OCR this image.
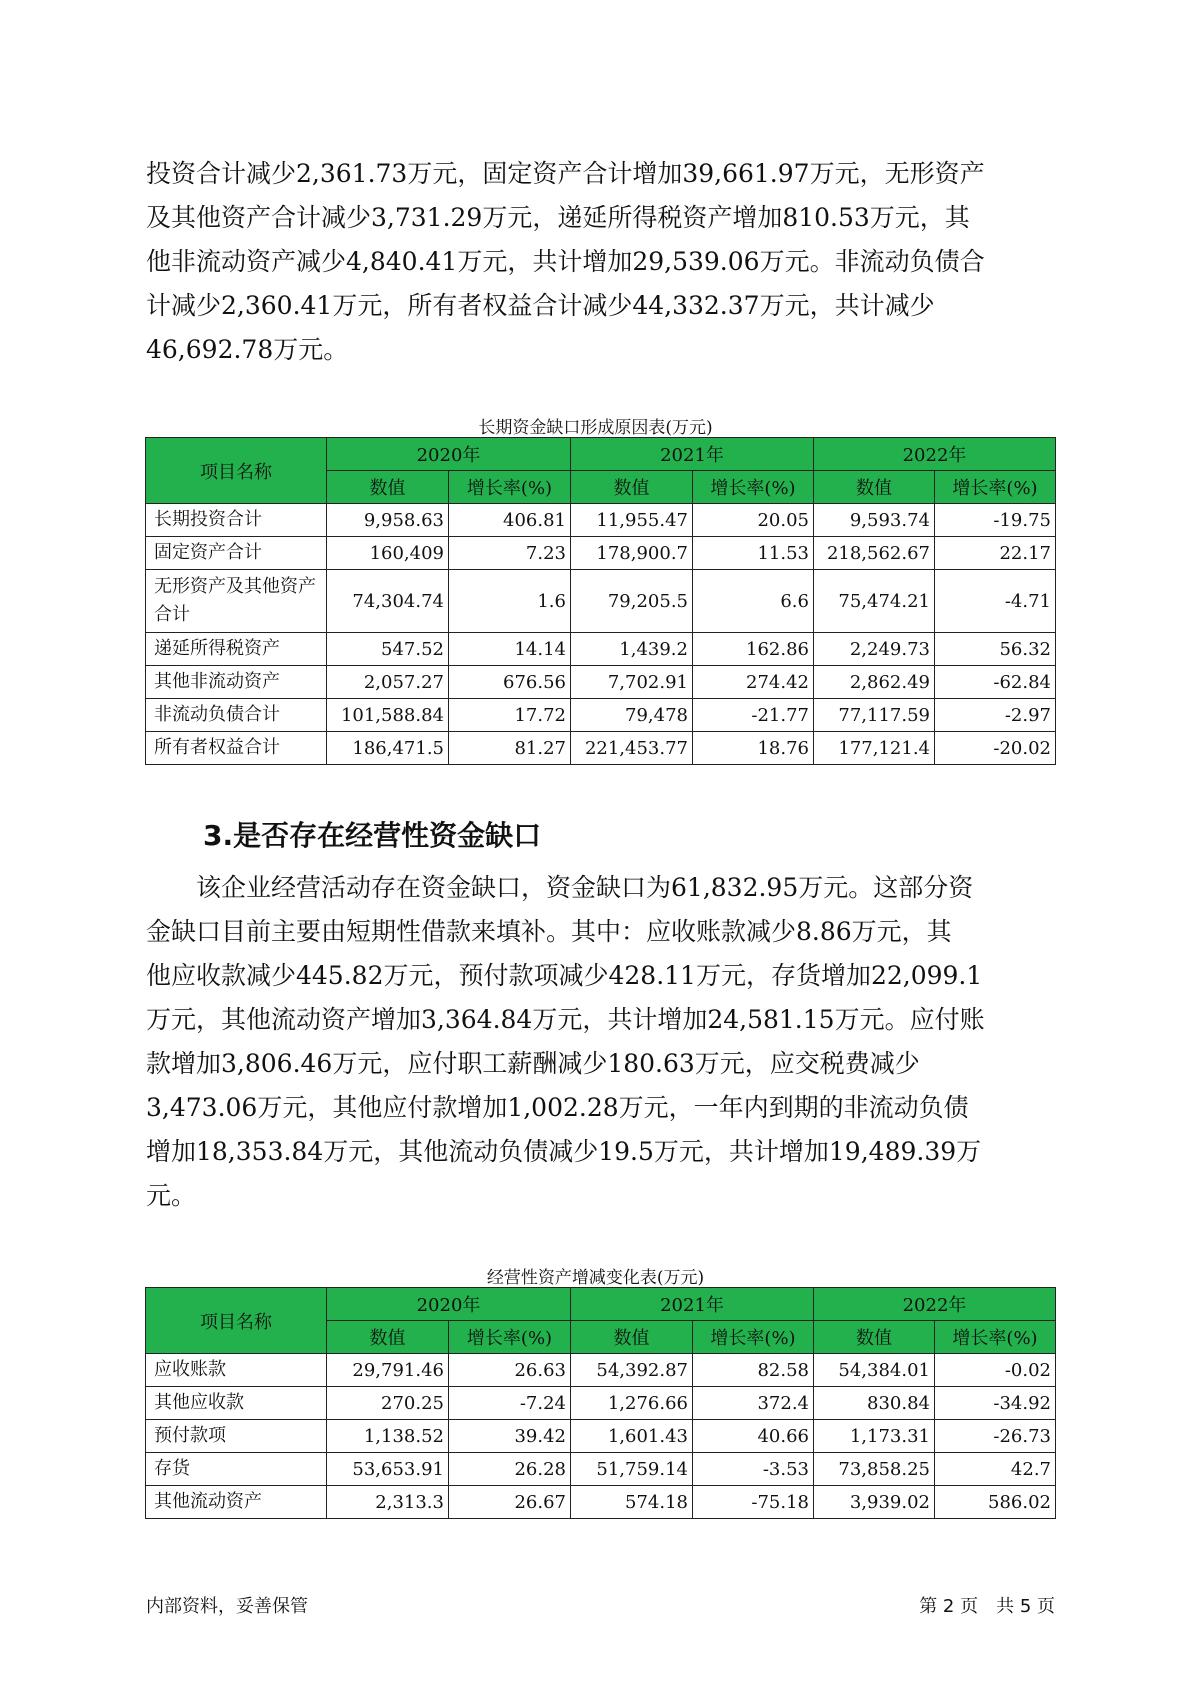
投资合计减少2,361.73万元，固定资产合计增加39,661.97万元，无形资产
及其他资产合计减少3,731.29万元，递延所得税资产增加810.53万元，其
他非流动资产减少4,840.41万元，共计增加29,539.06万元。非流动负债合
计减少2,360.41万元，所有者权益合计减少44,332.37万元，共计减少
46,692.78万元。
长期资金缺口形成原因表(万元)
项目名称	2020年		2021年		2022年	
	数值	增长率(%)	数值	增长率(%)	数值	增长率(%)
长期投资合计	9,958.63	406.81	11,955.47	20.05	9,593.74	-19.75
固定资产合计	160,409	7.23	178,900.7	11.53	218,562.67	22.17
无形资产及其他资产合计	74,304.74	1.6	79,205.5	6.6	75,474.21	-4.71
递延所得税资产	547.52	14.14	1,439.2	162.86	2,249.73	56.32
其他非流动资产	2,057.27	676.56	7,702.91	274.42	2,862.49	-62.84
非流动负债合计	101,588.84	17.72	79,478	-21.77	77,117.59	-2.97
所有者权益合计	186,471.5	81.27	221,453.77	18.76	177,121.4	-20.02
3.是否存在经营性资金缺口
　　该企业经营活动存在资金缺口，资金缺口为61,832.95万元。这部分资
金缺口目前主要由短期性借款来填补。其中：应收账款减少8.86万元，其
他应收款减少445.82万元，预付款项减少428.11万元，存货增加22,099.1
万元，其他流动资产增加3,364.84万元，共计增加24,581.15万元。应付账
款增加3,806.46万元，应付职工薪酬减少180.63万元，应交税费减少
3,473.06万元，其他应付款增加1,002.28万元，一年内到期的非流动负债
增加18,353.84万元，其他流动负债减少19.5万元，共计增加19,489.39万
元。
经营性资产增减变化表(万元)
项目名称	2020年		2021年		2022年	
	数值	增长率(%)	数值	增长率(%)	数值	增长率(%)
应收账款	29,791.46	26.63	54,392.87	82.58	54,384.01	-0.02
其他应收款	270.25	-7.24	1,276.66	372.4	830.84	-34.92
预付款项	1,138.52	39.42	1,601.43	40.66	1,173.31	-26.73
存货	53,653.91	26.28	51,759.14	-3.53	73,858.25	42.7
其他流动资产	2,313.3	26.67	574.18	-75.18	3,939.02	586.02
内部资料，妥善保管	第 2 页　共 5 页
